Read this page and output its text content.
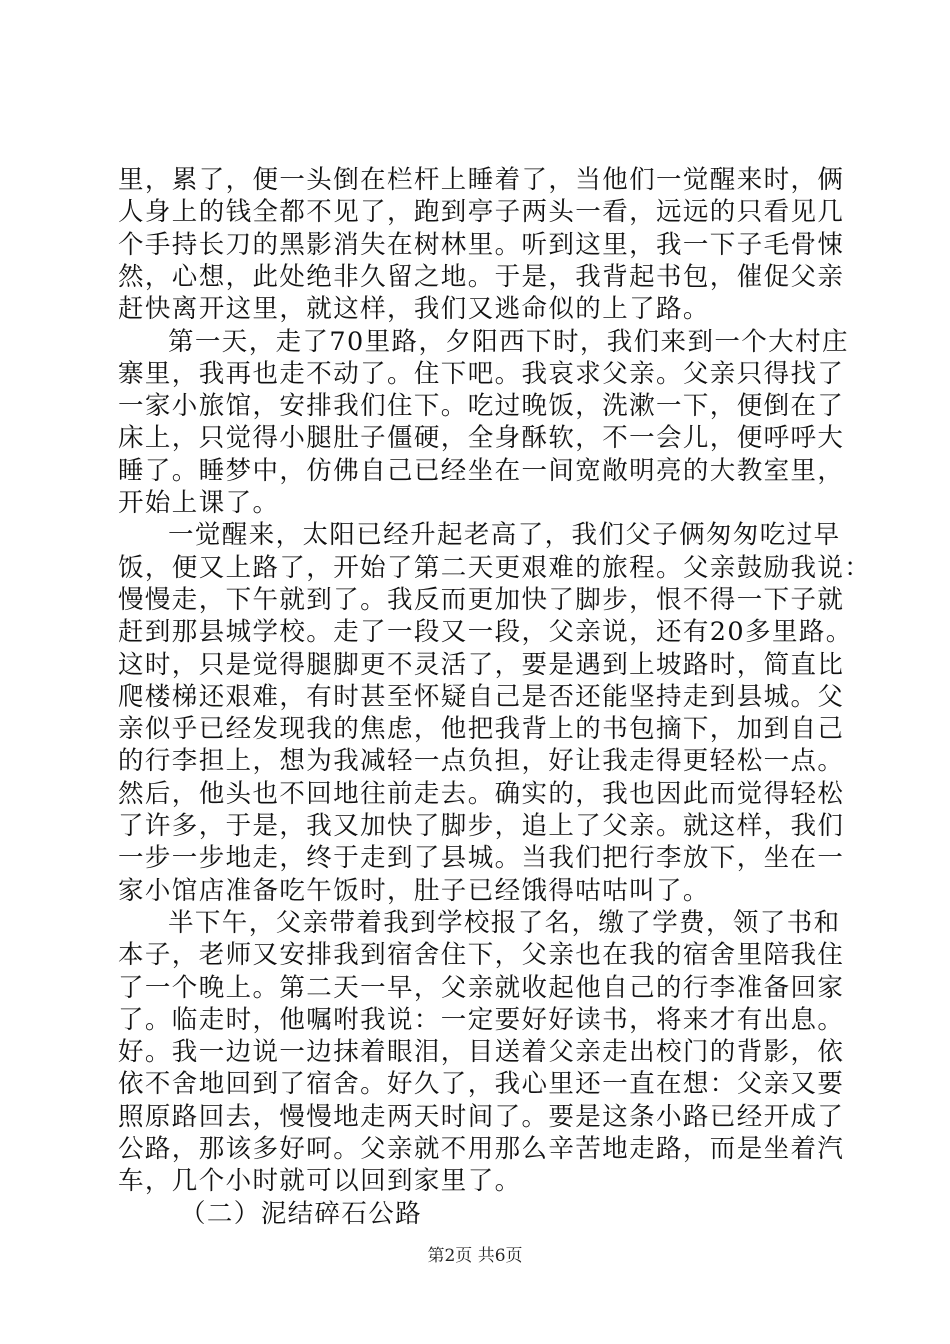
里，累了，便一头倒在栏杆上睡着了，当他们一觉醒来时，俩
人身上的钱全都不见了，跑到亭子两头一看，远远的只看见几
个手持长刀的黑影消失在树林里。听到这里，我一下子毛骨悚
然，心想，此处绝非久留之地。于是，我背起书包，催促父亲
赶快离开这里，就这样，我们又逃命似的上了路。
第一天，走了70里路，夕阳西下时，我们来到一个大村庄
寨里，我再也走不动了。住下吧。我哀求父亲。父亲只得找了
一家小旅馆，安排我们住下。吃过晚饭，洗漱一下，便倒在了
床上，只觉得小腿肚子僵硬，全身酥软，不一会儿，便呼呼大
睡了。睡梦中，仿佛自己已经坐在一间宽敞明亮的大教室里，
开始上课了。
一觉醒来，太阳已经升起老高了，我们父子俩匆匆吃过早
饭，便又上路了，开始了第二天更艰难的旅程。父亲鼓励我说：
慢慢走，下午就到了。我反而更加快了脚步，恨不得一下子就
赶到那县城学校。走了一段又一段，父亲说，还有20多里路。
这时，只是觉得腿脚更不灵活了，要是遇到上坡路时，简直比
爬楼梯还艰难，有时甚至怀疑自己是否还能坚持走到县城。父
亲似乎已经发现我的焦虑，他把我背上的书包摘下，加到自己
的行李担上，想为我减轻一点负担，好让我走得更轻松一点。
然后，他头也不回地往前走去。确实的，我也因此而觉得轻松
了许多，于是，我又加快了脚步，追上了父亲。就这样，我们
一步一步地走，终于走到了县城。当我们把行李放下，坐在一
家小馆店准备吃午饭时，肚子已经饿得咕咕叫了。
半下午，父亲带着我到学校报了名，缴了学费，领了书和
本子，老师又安排我到宿舍住下，父亲也在我的宿舍里陪我住
了一个晚上。第二天一早，父亲就收起他自己的行李准备回家
了。临走时，他嘱咐我说：一定要好好读书，将来才有出息。
好。我一边说一边抹着眼泪，目送着父亲走出校门的背影，依
依不舍地回到了宿舍。好久了，我心里还一直在想：父亲又要
照原路回去，慢慢地走两天时间了。要是这条小路已经开成了
公路，那该多好呵。父亲就不用那么辛苦地走路，而是坐着汽
车，几个小时就可以回到家里了。
（二）泥结碎石公路
第2页 共6页
